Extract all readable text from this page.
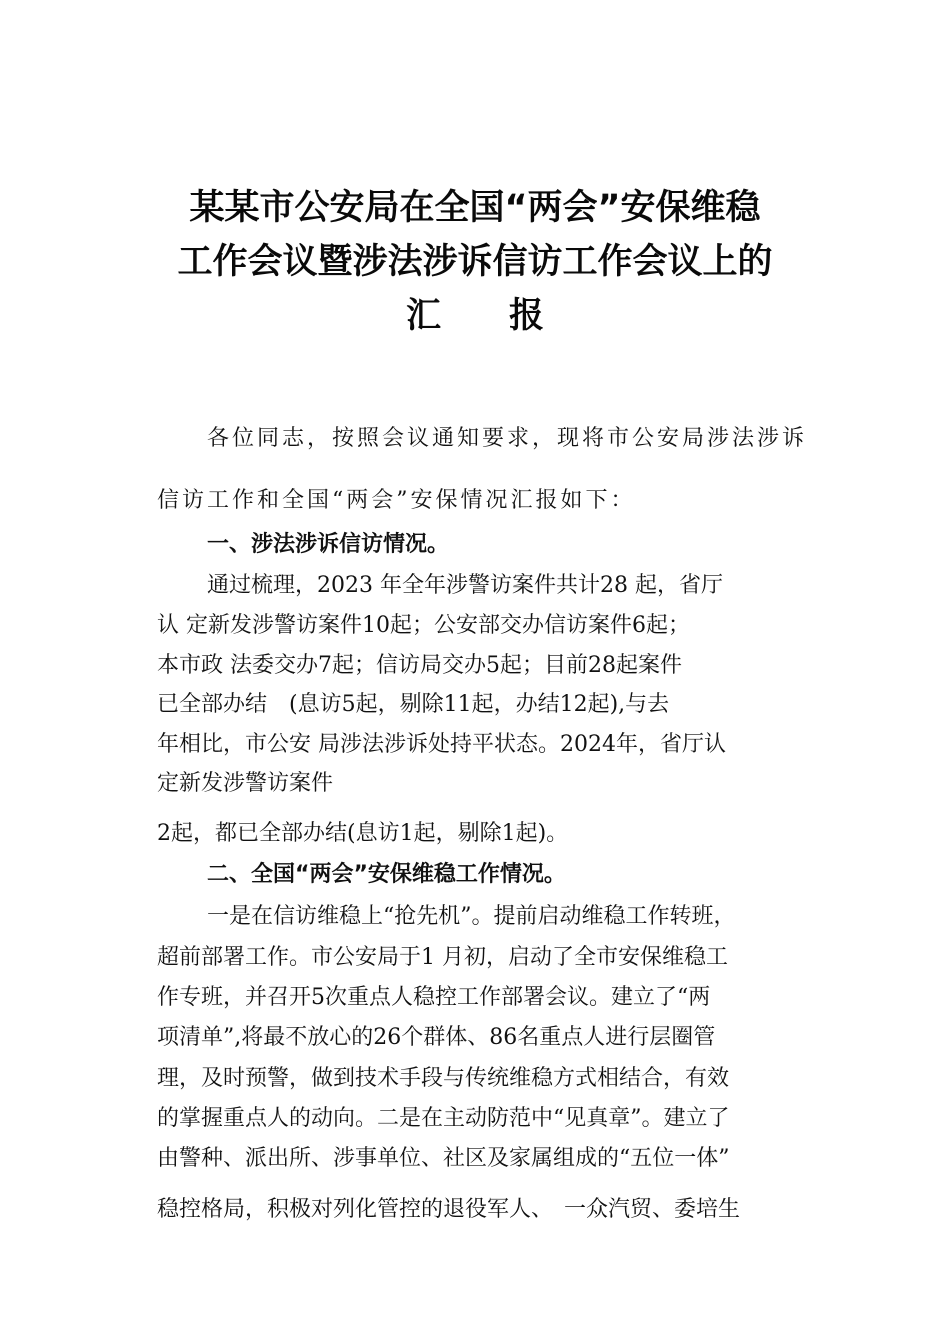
某某市公安局在全国“两会”安保维稳
工作会议暨涉法涉诉信访工作会议上的
汇报
各位同志，按照会议通知要求，现将市公安局涉法涉诉
信访工作和全国“两会”安保情况汇报如下：
一、涉法涉诉信访情况。
通过梳理，2023 年全年涉警访案件共计28 起，省厅
认 定新发涉警访案件10起；公安部交办信访案件6起；
本市政 法委交办7起；信访局交办5起；目前28起案件
已全部办结　(息访5起，剔除11起，办结12起),与去
年相比，市公安 局涉法涉诉处持平状态。2024年，省厅认
定新发涉警访案件
2起，都已全部办结(息访1起，剔除1起)。
二、全国“两会”安保维稳工作情况。
一是在信访维稳上“抢先机”。提前启动维稳工作转班，
超前部署工作。市公安局于1 月初，启动了全市安保维稳工
作专班，并召开5次重点人稳控工作部署会议。建立了“两
项清单”,将最不放心的26个群体、86名重点人进行层圈管
理，及时预警，做到技术手段与传统维稳方式相结合，有效
的掌握重点人的动向。二是在主动防范中“见真章”。建立了
由警种、派出所、涉事单位、社区及家属组成的“五位一体”
稳控格局，积极对列化管控的退役军人、　一众汽贸、委培生
